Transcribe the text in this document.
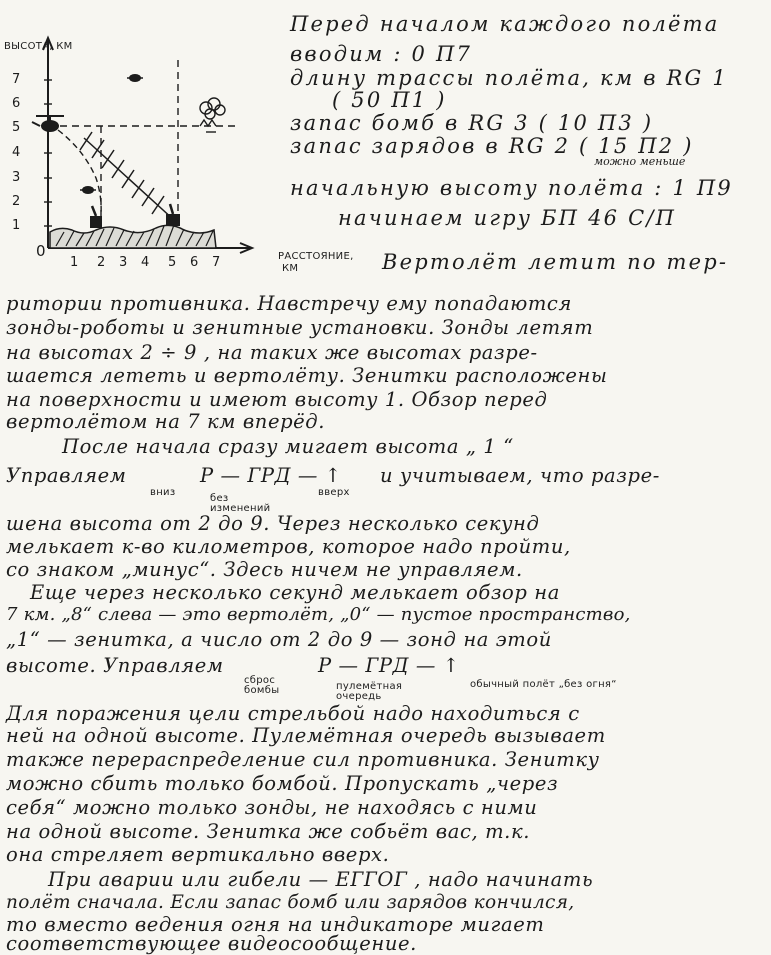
ВЫСОТА, КМ
1
2
3
4
5
6
7
0
1 2 3 4 5 6 7	РАССТОЯНИЕ,
КМ
Перед началом каждого полёта
вводим : 0 П7
длину трассы полёта, км в RG 1
( 50 П1 )
запас бомб в RG 3 ( 10 П3 )
запас зарядов в RG 2 ( 15 П2 )
можно меньше
начальную высоту полёта : 1 П9
начинаем игру БП 46 С/П
Вертолёт летит по тер-
ритории противника. Навстречу ему попадаются
зонды-роботы и зенитные установки. Зонды летят
на высотах 2 ÷ 9 , на таких же высотах разре-
шается лететь и вертолёту. Зенитки расположены
на поверхности и имеют высоту 1. Обзор перед
вертолётом на 7 км вперёд.
После начала сразу мигает высота „ 1 “
Управляем	Р — ГРД — ↑ и учитываем, что разре-
вниз
без изменений
вверх
шена высота от 2 до 9. Через несколько секунд
мелькает к-во километров, которое надо пройти,
со знаком „минус“. Здесь ничем не управляем.
Еще через несколько секунд мелькает обзор на
7 км. „8“ слева — это вертолёт, „0“ — пустое пространство,
„1“ — зенитка, а число от 2 до 9 — зонд на этой
высоте. Управляем	Р — ГРД — ↑
сброс бомбы	пулемётная очередь
обычный полёт „без огня“
Для поражения цели стрельбой надо находиться с
ней на одной высоте. Пулемётная очередь вызывает
также перераспределение сил противника. Зенитку
можно сбить только бомбой. Пропускать „через
себя“ можно только зонды, не находясь с ними
на одной высоте. Зенитка же собьёт вас, т.к.
она стреляет вертикально вверх.
При аварии или гибели — ЕГГОГ , надо начинать
полёт сначала. Если запас бомб или зарядов кончился,
то вместо ведения огня на индикаторе мигает
соответствующее видеосообщение.
